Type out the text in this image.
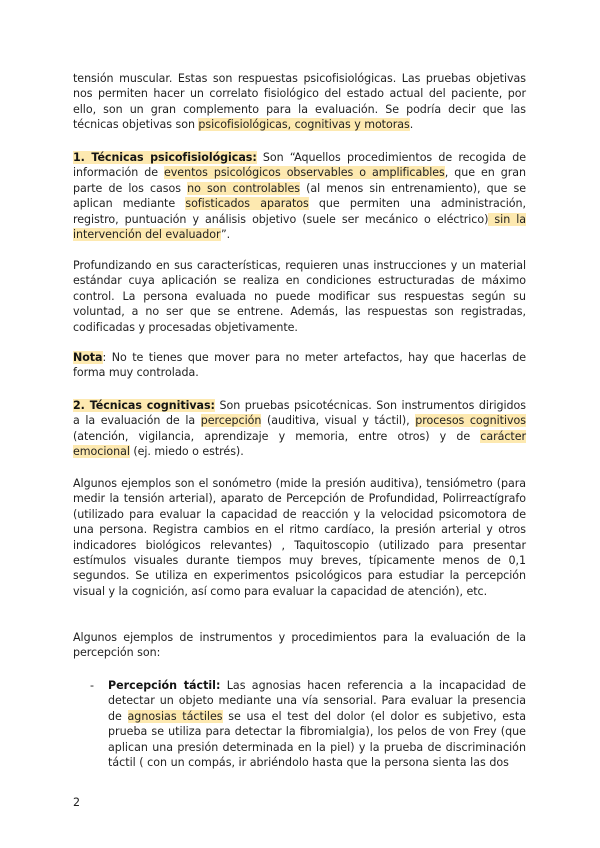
tensión muscular. Estas son respuestas psicofisiológicas. Las pruebas objetivas nos permiten hacer un correlato fisiológico del estado actual del paciente, por ello, son un gran complemento para la evaluación. Se podría decir que las técnicas objetivas son psicofisiológicas, cognitivas y motoras.

1. Técnicas psicofisiológicas: Son “Aquellos procedimientos de recogida de información de eventos psicológicos observables o amplificables, que en gran parte de los casos no son controlables (al menos sin entrenamiento), que se aplican mediante sofisticados aparatos que permiten una administración, registro, puntuación y análisis objetivo (suele ser mecánico o eléctrico) sin la intervención del evaluador”.

Profundizando en sus características, requieren unas instrucciones y un material estándar cuya aplicación se realiza en condiciones estructuradas de máximo control. La persona evaluada no puede modificar sus respuestas según su voluntad, a no ser que se entrene. Además, las respuestas son registradas, codificadas y procesadas objetivamente.

Nota: No te tienes que mover para no meter artefactos, hay que hacerlas de forma muy controlada.

2. Técnicas cognitivas: Son pruebas psicotécnicas. Son instrumentos dirigidos a la evaluación de la percepción (auditiva, visual y táctil), procesos cognitivos (atención, vigilancia, aprendizaje y memoria, entre otros) y de carácter emocional (ej. miedo o estrés).

Algunos ejemplos son el sonómetro (mide la presión auditiva), tensiómetro (para medir la tensión arterial), aparato de Percepción de Profundidad, Polirreactígrafo (utilizado para evaluar la capacidad de reacción y la velocidad psicomotora de una persona. Registra cambios en el ritmo cardíaco, la presión arterial y otros indicadores biológicos relevantes) , Taquitoscopio (utilizado para presentar estímulos visuales durante tiempos muy breves, típicamente menos de 0,1 segundos. Se utiliza en experimentos psicológicos para estudiar la percepción visual y la cognición, así como para evaluar la capacidad de atención), etc.

Algunos ejemplos de instrumentos y procedimientos para la evaluación de la percepción son:

- Percepción táctil: Las agnosias hacen referencia a la incapacidad de detectar un objeto mediante una vía sensorial. Para evaluar la presencia de agnosias táctiles se usa el test del dolor (el dolor es subjetivo, esta prueba se utiliza para detectar la fibromialgia), los pelos de von Frey (que aplican una presión determinada en la piel) y la prueba de discriminación táctil ( con un compás, ir abriéndolo hasta que la persona sienta las dos

2
